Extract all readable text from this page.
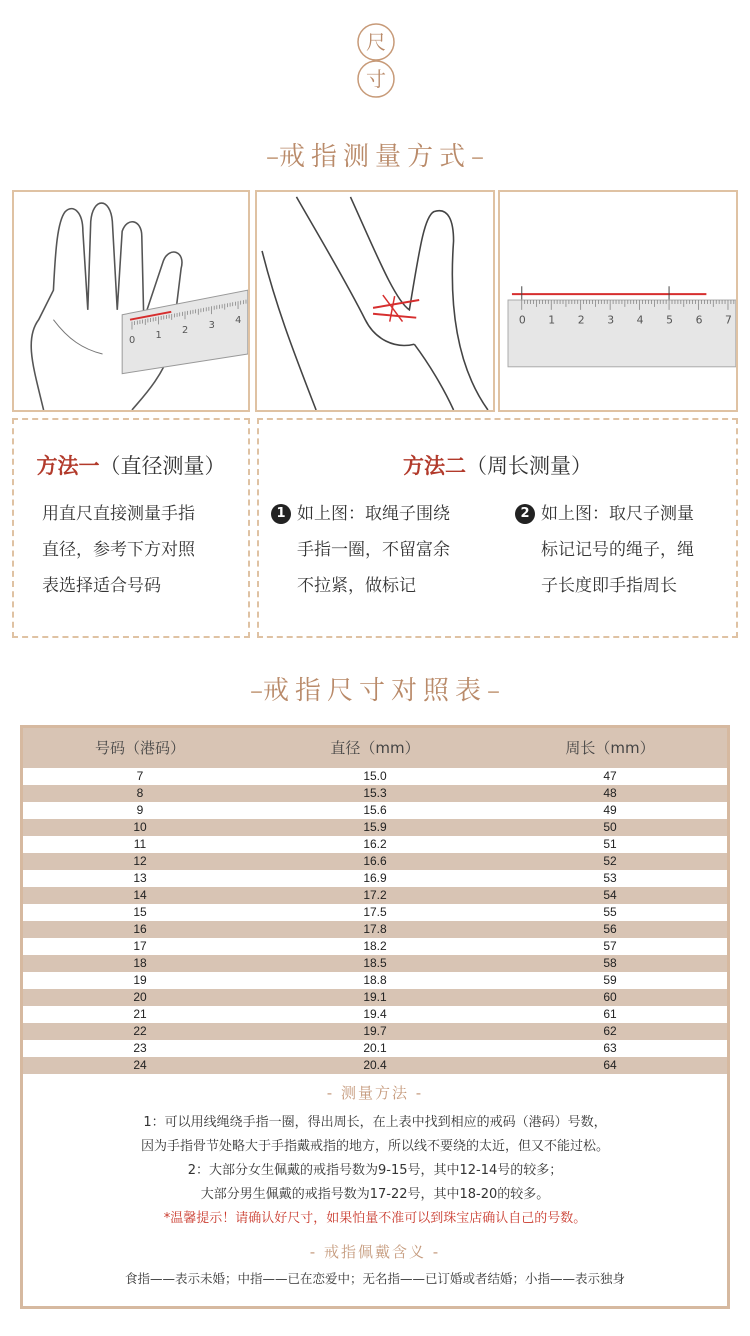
尺
寸
–戒指测量方式–
0 1 2 3 4	0 1 2 3 4 5 6 7
方法一（直径测量）
用直尺直接测量手指
直径，参考下方对照
表选择适合号码
方法二（周长测量）
1 如上图：取绳子围绕
手指一圈，不留富余
不拉紧，做标记
2 如上图：取尺子测量
标记记号的绳子，绳
子长度即手指周长
–戒指尺寸对照表–
号码（港码）	直径（mm）	周长（mm）
7	15.0	47
8	15.3	48
9	15.6	49
10	15.9	50
11	16.2	51
12	16.6	52
13	16.9	53
14	17.2	54
15	17.5	55
16	17.8	56
17	18.2	57
18	18.5	58
19	18.8	59
20	19.1	60
21	19.4	61
22	19.7	62
23	20.1	63
24	20.4	64
- 测量方法 -
1：可以用线绳绕手指一圈，得出周长，在上表中找到相应的戒码（港码）号数，
因为手指骨节处略大于手指戴戒指的地方，所以线不要绕的太近，但又不能过松。
2：大部分女生佩戴的戒指号数为9-15号，其中12-14号的较多；
大部分男生佩戴的戒指号数为17-22号，其中18-20的较多。
*温馨提示！请确认好尺寸，如果怕量不准可以到珠宝店确认自己的号数。
- 戒指佩戴含义 -
食指——表示未婚；中指——已在恋爱中；无名指——已订婚或者结婚；小指——表示独身
